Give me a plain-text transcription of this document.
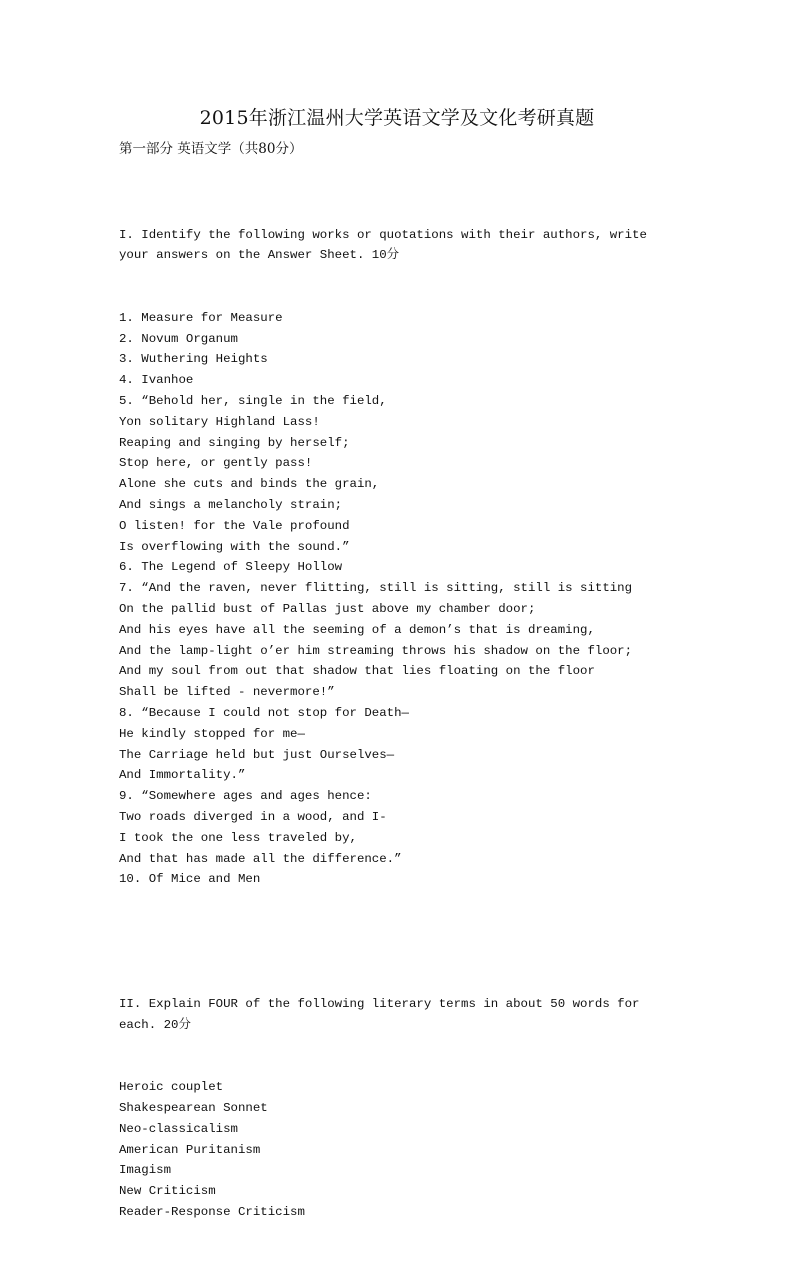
2015年浙江温州大学英语文学及文化考研真题
第一部分 英语文学（共80分）

I. Identify the following works or quotations with their authors, write your answers on the Answer Sheet. 10分

1. Measure for Measure
2. Novum Organum
3. Wuthering Heights
4. Ivanhoe
5. “Behold her, single in the field,
Yon solitary Highland Lass!
Reaping and singing by herself;
Stop here, or gently pass!
Alone she cuts and binds the grain,
And sings a melancholy strain;
O listen! for the Vale profound
Is overflowing with the sound.”
6. The Legend of Sleepy Hollow
7. “And the raven, never flitting, still is sitting, still is sitting
On the pallid bust of Pallas just above my chamber door;
And his eyes have all the seeming of a demon’s that is dreaming,
And the lamp-light o’er him streaming throws his shadow on the floor;
And my soul from out that shadow that lies floating on the floor
Shall be lifted - nevermore!”
8. “Because I could not stop for Death—
He kindly stopped for me—
The Carriage held but just Ourselves—
And Immortality.”
9. “Somewhere ages and ages hence:
Two roads diverged in a wood, and I-
I took the one less traveled by,
And that has made all the difference.”
10. Of Mice and Men

II. Explain FOUR of the following literary terms in about 50 words for each. 20分

Heroic couplet
Shakespearean Sonnet
Neo-classicalism
American Puritanism
Imagism
New Criticism
Reader-Response Criticism
